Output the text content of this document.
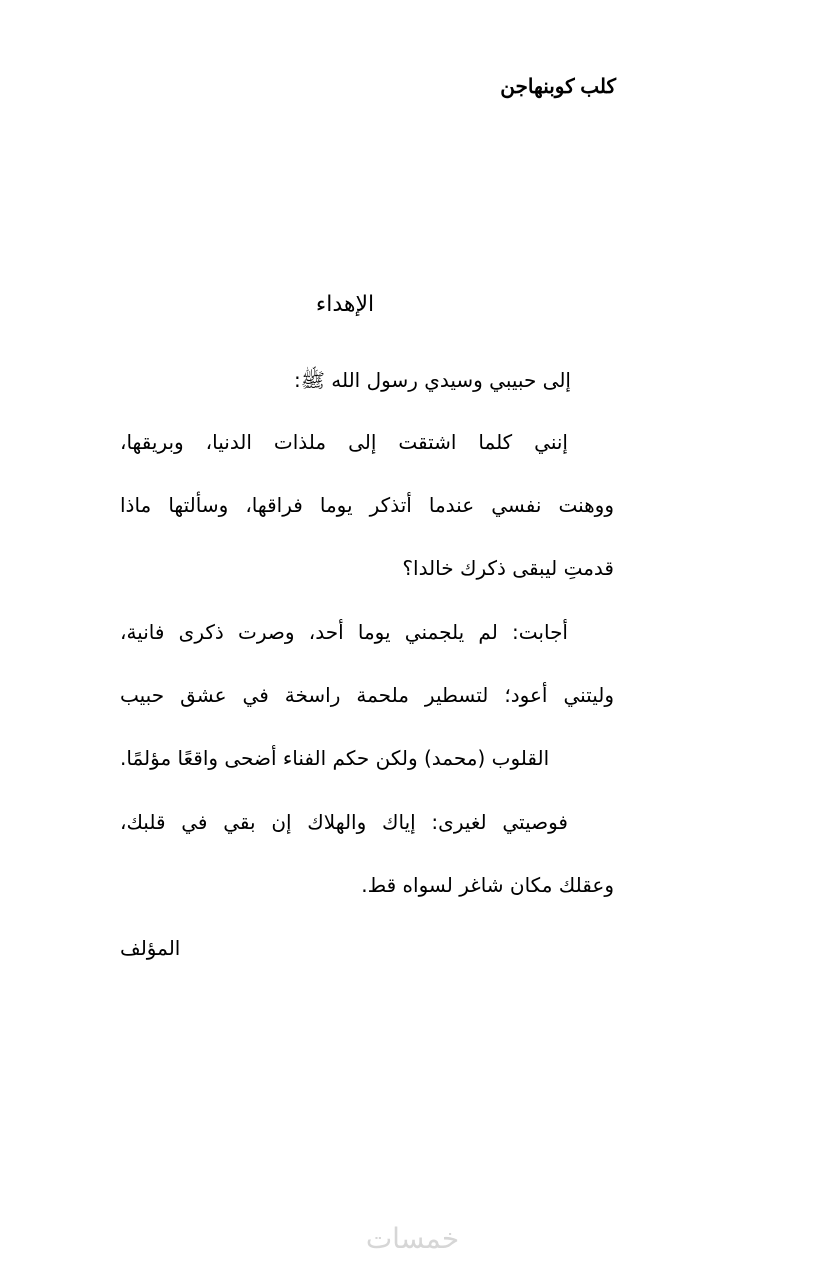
كلب كوبنهاجن
الإهداء
إلى حبيبي وسيدي رسول الله ﷺ:
إنني كلما اشتقت إلى ملذات الدنيا، وبريقها،
ووهنت نفسي عندما أتذكر يوما فراقها، وسألتها ماذا
قدمتِ ليبقى ذكرك خالدا؟
أجابت: لم يلجمني يوما أحد، وصرت ذكرى فانية،
وليتني أعود؛ لتسطير ملحمة راسخة في عشق حبيب
القلوب (محمد) ولكن حكم الفناء أضحى واقعًا مؤلمًا.
فوصيتي لغيرى: إياك والهلاك إن بقي في قلبك،
وعقلك مكان شاغر لسواه قط.
المؤلف
خمسات
